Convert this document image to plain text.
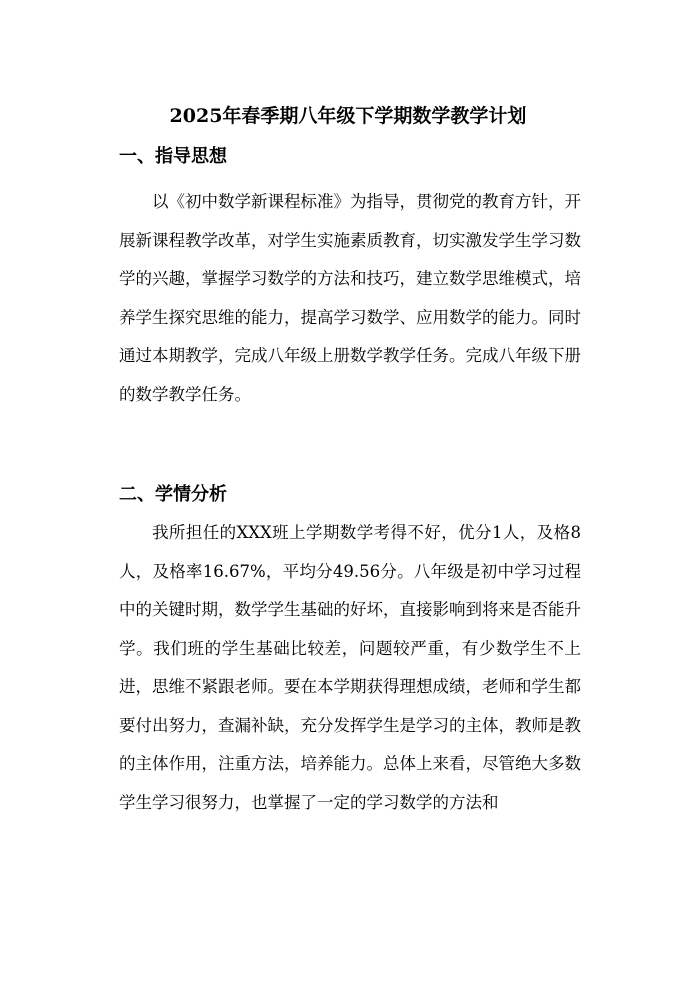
2025年春季期八年级下学期数学教学计划
一、指导思想

以《初中数学新课程标准》为指导，贯彻党的教育方针，开展新课程教学改革，对学生实施素质教育，切实激发学生学习数学的兴趣，掌握学习数学的方法和技巧，建立数学思维模式，培养学生探究思维的能力，提高学习数学、应用数学的能力。同时通过本期教学，完成八年级上册数学教学任务。完成八年级下册的数学教学任务。

二、学情分析

我所担任的XXX班上学期数学考得不好，优分1人，及格8人，及格率16.67%，平均分49.56分。八年级是初中学习过程中的关键时期，数学学生基础的好坏，直接影响到将来是否能升学。我们班的学生基础比较差，问题较严重，有少数学生不上进，思维不紧跟老师。要在本学期获得理想成绩，老师和学生都要付出努力，查漏补缺，充分发挥学生是学习的主体，教师是教的主体作用，注重方法，培养能力。总体上来看，尽管绝大多数学生学习很努力，也掌握了一定的学习数学的方法和
